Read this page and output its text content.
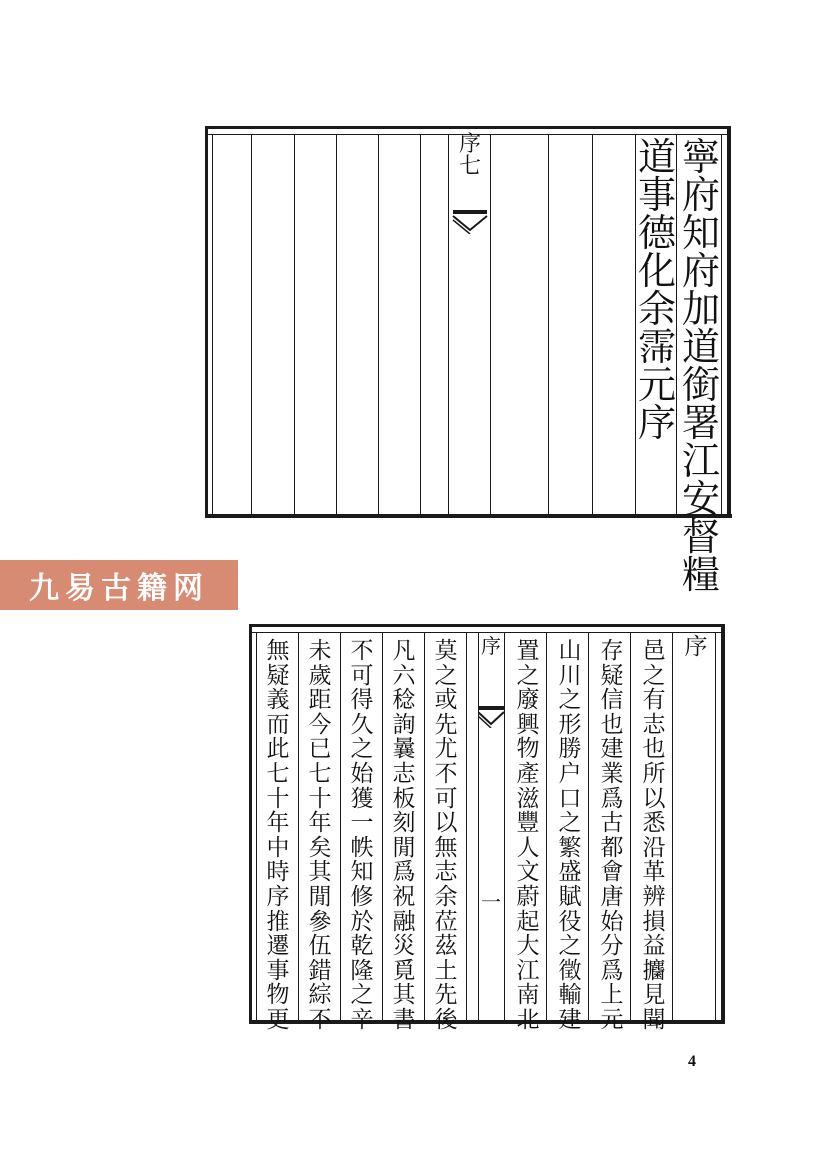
序
七	寧
府
知
府
加
道
銜
署
江
安
督
糧
道
事
德
化
余
霈
元
序
九易古籍网
序
一
序
邑
之
有
志
也
所
以
悉
沿
革
辨
損
益
攟
見
聞
存
疑
信
也
建
業
爲
古
都
會
唐
始
分
爲
上
元
山
川
之
形
勝
户
口
之
繁
盛
賦
役
之
徵
輸
建
置
之
廢
興
物
產
滋
豐
人
文
蔚
起
大
江
南
北
莫
之
或
先
尤
不
可
以
無
志
余
莅
茲
土
先
後
凡
六
稔
詢
曩
志
板
刻
閒
爲
祝
融
災
覓
其
書
不
可
得
久
之
始
獲
一
帙
知
修
於
乾
隆
之
辛
未
歲
距
今
已
七
十
年
矣
其
閒
參
伍
錯
綜
不
無
疑
義
而
此
七
十
年
中
時
序
推
遷
事
物
更
4
